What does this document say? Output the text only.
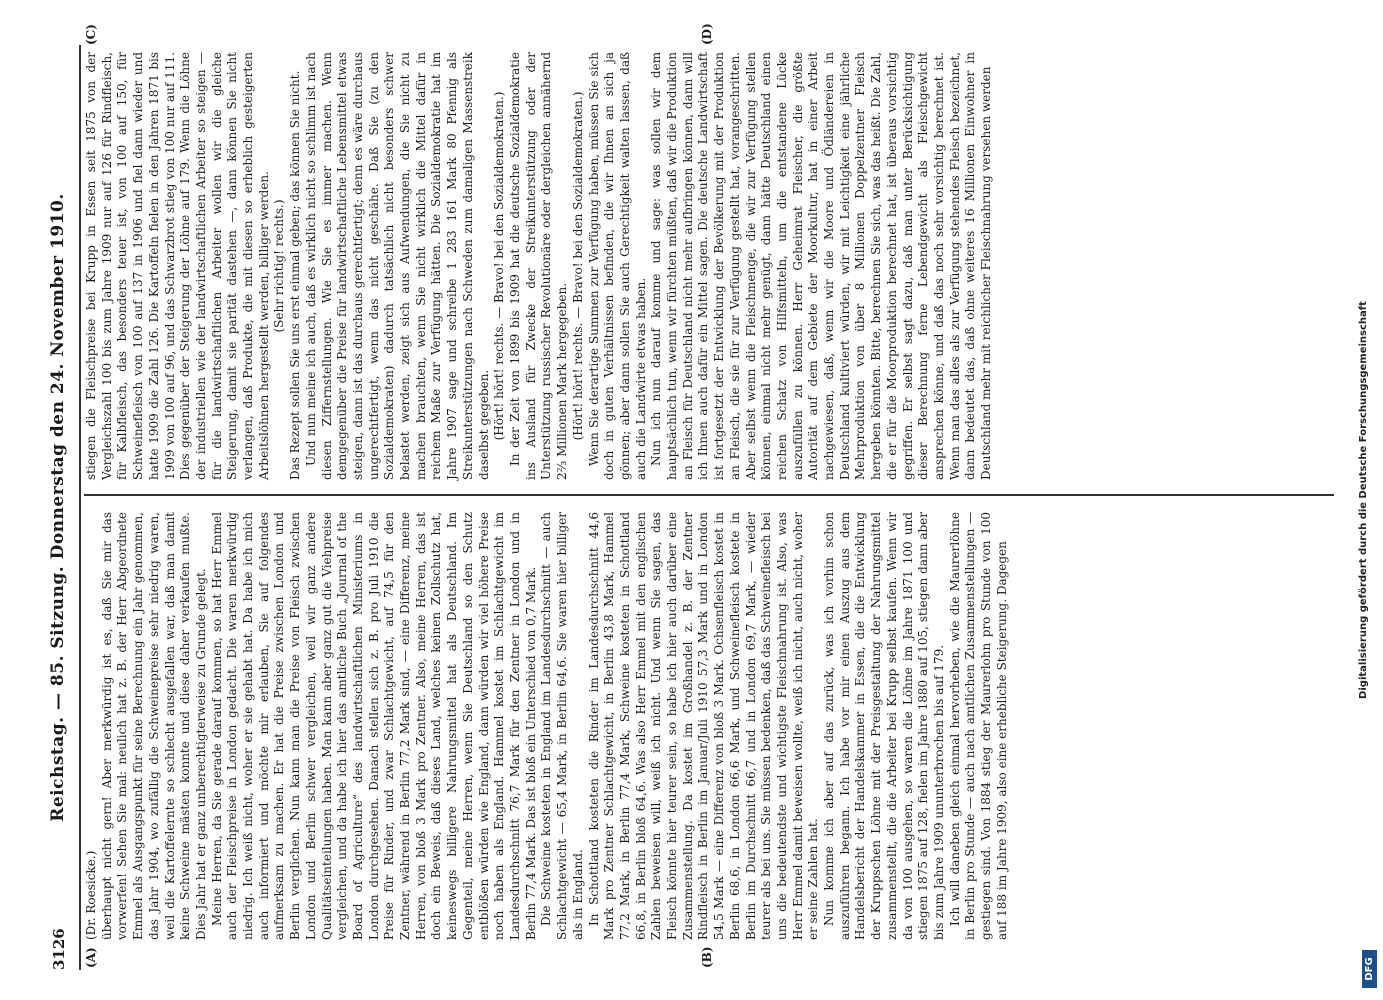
3126
Reichstag. — 85. Sitzung. Donnerstag den 24. November 1910.
(A)	(B)
(C)	(D)

(Dr. Roesicke.) überhaupt nicht gern! Aber merkwürdig ist es, daß Sie mir das vorwerfen! Sehen Sie mal: neulich hat z. B. der Herr Abgeordnete Emmel als Ausgangspunkt für seine Berechnung ein Jahr genommen, das Jahr 1904, wo zufällig die Schweinepreise sehr niedrig waren, weil die Kartoffelernte so schlecht ausgefallen war, daß man damit keine Schweine mästen konnte und diese daher verkaufen mußte. Dies Jahr hat er ganz unberechtigterweise zu Grunde gelegt. Meine Herren, da Sie gerade darauf kommen, so hat Herr Emmel auch der Fleischpreise in London gedacht. Die waren merkwürdig niedrig. Ich weiß nicht, woher er sie gehabt hat. Da habe ich mich auch informiert und möchte mir erlauben, Sie auf folgendes aufmerksam zu machen. Er hat die Preise zwischen London und Berlin verglichen. Nun kann man die Preise von Fleisch zwischen London und Berlin schwer vergleichen, weil wir ganz andere Qualitätseinteilungen haben. Man kann aber ganz gut die Viehpreise vergleichen, und da habe ich hier das amtliche Buch „Journal of the Board of Agriculture“ des landwirtschaftlichen Ministeriums in London durchgesehen. Danach stellen sich z. B. pro Juli 1910 die Preise für Rinder, und zwar Schlachtgewicht, auf 74,5 für den Zentner, während in Berlin 77,2 Mark sind, — eine Differenz, meine Herren, von bloß 3 Mark pro Zentner. Also, meine Herren, das ist doch ein Beweis, daß dieses Land, welches keinen Zollschutz hat, keineswegs billigere Nahrungsmittel hat als Deutschland. Im Gegenteil, meine Herren, wenn Sie Deutschland so den Schutz entblößen würden wie England, dann würden wir viel höhere Preise noch haben als England. Hammel kostet im Schlachtgewicht im Landesdurchschnitt 76,7 Mark für den Zentner in London und in Berlin 77,4 Mark. Das ist bloß ein Unterschied von 0,7 Mark. Die Schweine kosteten in England im Landesdurchschnitt — auch Schlachtgewicht — 65,4 Mark, in Berlin 64,6. Sie waren hier billiger als in England. In Schottland kosteten die Rinder im Landesdurchschnitt 44,6 Mark pro Zentner Schlachtgewicht, in Berlin 43,8 Mark, Hammel 77,2 Mark, in Berlin 77,4 Mark, Schweine kosteten in Schottland 66,8, in Berlin bloß 64,6. Was also Herr Emmel mit den englischen Zahlen beweisen will, weiß ich nicht. Und wenn Sie sagen, das Fleisch könnte hier teurer sein, so habe ich hier auch darüber eine Zusammenstellung. Da kostet im Großhandel z. B. der Zentner Rindfleisch in Berlin im Januar/Juli 1910 57,3 Mark und in London 54,5 Mark — eine Differenz von bloß 3 Mark. Ochsenfleisch kostet in Berlin 68,6, in London 66,6 Mark, und Schweinefleisch kostete in Berlin im Durchschnitt 66,7 und in London 69,7 Mark, — wieder teurer als bei uns. Sie müssen bedenken, daß das Schweinefleisch bei uns die bedeutendste und wichtigste Fleischnahrung ist. Also, was Herr Emmel damit beweisen wollte, weiß ich nicht, auch nicht, woher er seine Zahlen hat. Nun komme ich aber auf das zurück, was ich vorhin schon auszuführen begann. Ich habe vor mir einen Auszug aus dem Handelsbericht der Handelskammer in Essen, die die Entwicklung der Kruppschen Löhne mit der Preisgestaltung der Nahrungsmittel zusammenstellt, die die Arbeiter bei Krupp selbst kaufen. Wenn wir da von 100 ausgehen, so waren die Löhne im Jahre 1871 100 und stiegen 1875 auf 128, fielen im Jahre 1880 auf 105, stiegen dann aber bis zum Jahre 1909 ununterbrochen bis auf 179. Ich will daneben gleich einmal hervorheben, wie die Maurerlöhne in Berlin pro Stunde — auch nach amtlichen Zusammenstellungen — gestiegen sind. Von 1884 stieg der Maurerlohn pro Stunde von 100 auf 188 im Jahre 1909, also eine erhebliche Steigerung. Dagegen

stiegen die Fleischpreise bei Krupp in Essen seit 1875 von der Vergleichszahl 100 bis zum Jahre 1909 nur auf 126 für Rindfleisch, für Kalbfleisch, das besonders teuer ist, von 100 auf 150, für Schweinefleisch von 100 auf 137 in 1906 und fiel dann wieder und hatte 1909 die Zahl 126. Die Kartoffeln fielen in den Jahren 1871 bis 1909 von 100 auf 96, und das Schwarzbrot stieg von 100 nur auf 111. Dies gegenüber der Steigerung der Löhne auf 179. Wenn die Löhne der industriellen wie der landwirtschaftlichen Arbeiter so steigen — für die landwirtschaftlichen Arbeiter wollen wir die gleiche Steigerung, damit sie parität dastehen —, dann können Sie nicht verlangen, daß Produkte, die mit diesen so erheblich gesteigerten Arbeitslöhnen hergestellt werden, billiger werden. (Sehr richtig! rechts.) Das Rezept sollen Sie uns erst einmal geben; das können Sie nicht. Und nun meine ich auch, daß es wirklich nicht so schlimm ist nach diesen Ziffernstellungen. Wie Sie es immer machen. Wenn demgegenüber die Preise für landwirtschaftliche Lebensmittel etwas steigen, dann ist das durchaus gerechtfertigt; denn es wäre durchaus ungerechtfertigt, wenn das nicht geschähe. Daß Sie (zu den Sozialdemokraten) dadurch tatsächlich nicht besonders schwer belastet werden, zeigt sich aus Aufwendungen, die Sie nicht zu machen brauchten, wenn Sie nicht wirklich die Mittel dafür in reichem Maße zur Verfügung hätten. Die Sozialdemokratie hat im Jahre 1907 sage und schreibe 1 283 161 Mark 80 Pfennig als Streikunterstützungen nach Schweden zum damaligen Massenstreik daselbst gegeben. (Hört! hört! rechts. — Bravo! bei den Sozialdemokraten.) In der Zeit von 1899 bis 1909 hat die deutsche Sozialdemokratie ins Ausland für Zwecke der Streikunterstützung oder der Unterstützung russischer Revolutionäre oder dergleichen annähernd 2⅔ Millionen Mark hergegeben. (Hört! hört! rechts. — Bravo! bei den Sozialdemokraten.) Wenn Sie derartige Summen zur Verfügung haben, müssen Sie sich doch in guten Verhältnissen befinden, die wir Ihnen an sich ja gönnen; aber dann sollen Sie auch Gerechtigkeit walten lassen, daß auch die Landwirte etwas haben. Nun ich nun darauf komme und sage: was sollen wir dem hauptsächlich tun, wenn wir fürchten müßten, daß wir die Produktion an Fleisch für Deutschland nicht mehr aufbringen können, dann will ich Ihnen auch dafür ein Mittel sagen. Die deutsche Landwirtschaft ist fortgesetzt der Entwicklung der Bevölkerung mit der Produktion an Fleisch, die sie für zur Verfügung gestellt hat, vorangeschritten. Aber selbst wenn die Fleischmenge, die wir zur Verfügung stellen können, einmal nicht mehr genügt, dann hätte Deutschland einen reichen Schatz von Hilfsmitteln, um die entstandene Lücke auszufüllen zu können. Herr Geheimrat Fleischer, die größte Autorität auf dem Gebiete der Moorkultur, hat in einer Arbeit nachgewiesen, daß, wenn wir die Moore und Ödländereien in Deutschland kultiviert würden, wir mit Leichtigkeit eine jährliche Mehrproduktion von über 8 Millionen Doppelzentner Fleisch hergeben könnten. Bitte, berechnen Sie sich, was das heißt. Die Zahl, die er für die Moorproduktion berechnet hat, ist überaus vorsichtig gegriffen. Er selbst sagt dazu, daß man unter Berücksichtigung dieser Berechnung ferne Lebendgewicht als Fleischgewicht ansprechen könne, und daß das noch sehr vorsichtig berechnet ist. Wenn man das alles als zur Verfügung stehendes Fleisch bezeichnet, dann bedeutet das, daß ohne weiteres 16 Millionen Einwohner in Deutschland mehr mit reichlicher Fleischnahrung versehen werden

Digitalisierung gefördert durch die Deutsche Forschungsgemeinschaft
DFG
